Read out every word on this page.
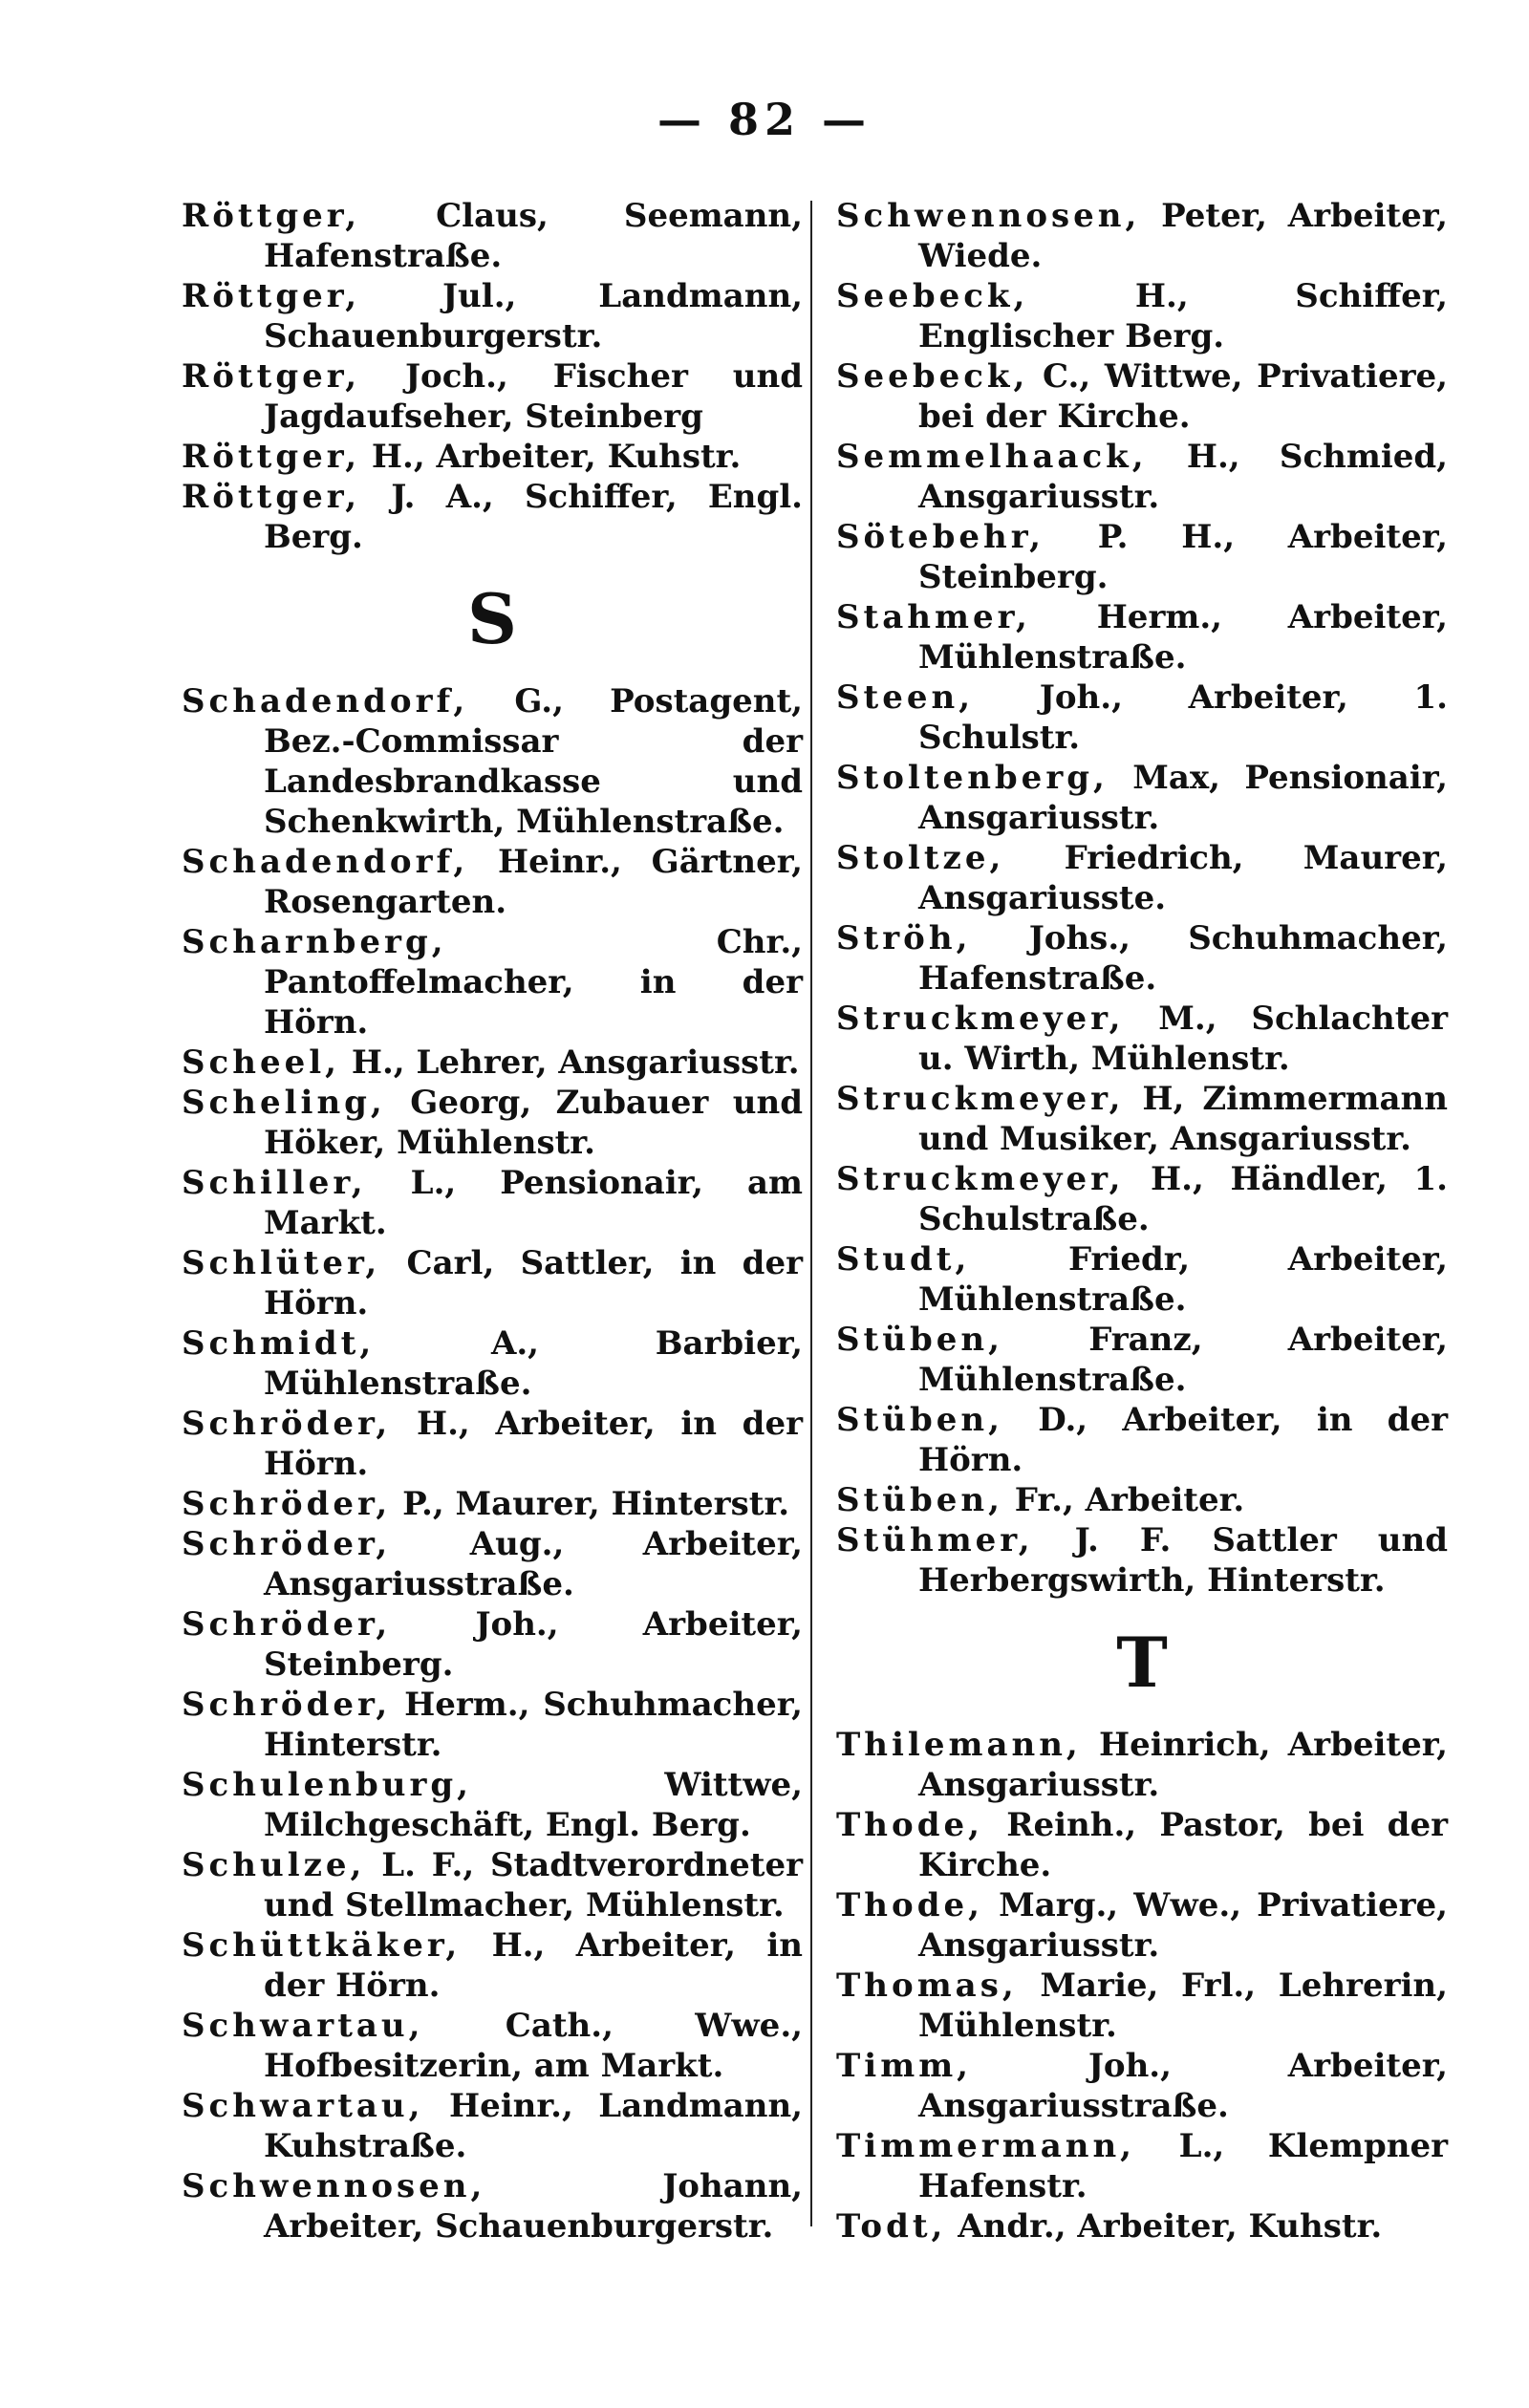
— 82 —
Röttger, Claus, Seemann, Hafenstraße.
Röttger,	Jul., Landmann, Schauenburgerstr.
Röttger, Joch., Fischer und Jagdaufseher, Steinberg
Röttger, H., Arbeiter, Kuhstr.
Röttger, J. A., Schiffer, Engl. Berg.
S
Schadendorf, G., Postagent, Bez.-Commissar der Landesbrandkasse und Schenkwirth, Mühlenstraße.
Schadendorf, Heinr., Gärtner, Rosengarten.
Scharnberg,	Chr., Pantoffelmacher, in der Hörn.
Scheel, H., Lehrer, Ansgariusstr.
Scheling, Georg, Zubauer und Höker, Mühlenstr.
Schiller, L., Pensionair, am Markt.
Schlüter, Carl, Sattler, in der Hörn.
Schmidt,	A., Barbier, Mühlenstraße.
Schröder, H., Arbeiter, in der Hörn.
Schröder, P., Maurer, Hinterstr.
Schröder, Aug., Arbeiter, Ansgariusstraße.
Schröder,	Joh., Arbeiter, Steinberg.
Schröder, Herm., Schuhmacher, Hinterstr.
Schulenburg,	Wittwe, Milchgeschäft, Engl. Berg.
Schulze, L. F., Stadtverordneter und Stellmacher, Mühlenstr.
Schüttkäker, H., Arbeiter, in der Hörn.
Schwartau,	Cath., Wwe., Hofbesitzerin, am Markt.
Schwartau, Heinr., Landmann, Kuhstraße.
Schwennosen,	Johann, Arbeiter, Schauenburgerstr.
Schwennosen, Peter, Arbeiter, Wiede.
Seebeck,	H., Schiffer, Englischer Berg.
Seebeck, C., Wittwe, Privatiere, bei der Kirche.
Semmelhaack, H., Schmied, Ansgariusstr.
Sötebehr, P. H., Arbeiter, Steinberg.
Stahmer, Herm., Arbeiter, Mühlenstraße.
Steen, Joh., Arbeiter, 1. Schulstr.
Stoltenberg, Max, Pensionair, Ansgariusstr.
Stoltze, Friedrich, Maurer, Ansgariusste.
Ströh, Johs., Schuhmacher, Hafenstraße.
Struckmeyer, M., Schlachter u. Wirth, Mühlenstr.
Struckmeyer, H, Zimmermann und Musiker, Ansgariusstr.
Struckmeyer, H., Händler, 1. Schulstraße.
Studt,	Friedr, Arbeiter, Mühlenstraße.
Stüben,	Franz, Arbeiter, Mühlenstraße.
Stüben, D., Arbeiter, in der Hörn.
Stüben, Fr., Arbeiter.
Stühmer, J. F. Sattler und Herbergswirth, Hinterstr.
T
Thilemann, Heinrich, Arbeiter, Ansgariusstr.
Thode, Reinh., Pastor, bei der Kirche.
Thode, Marg., Wwe., Privatiere, Ansgariusstr.
Thomas, Marie, Frl., Lehrerin, Mühlenstr.
Timm,	Joh., Arbeiter, Ansgariusstraße.
Timmermann, L., Klempner Hafenstr.
Todt, Andr., Arbeiter, Kuhstr.
